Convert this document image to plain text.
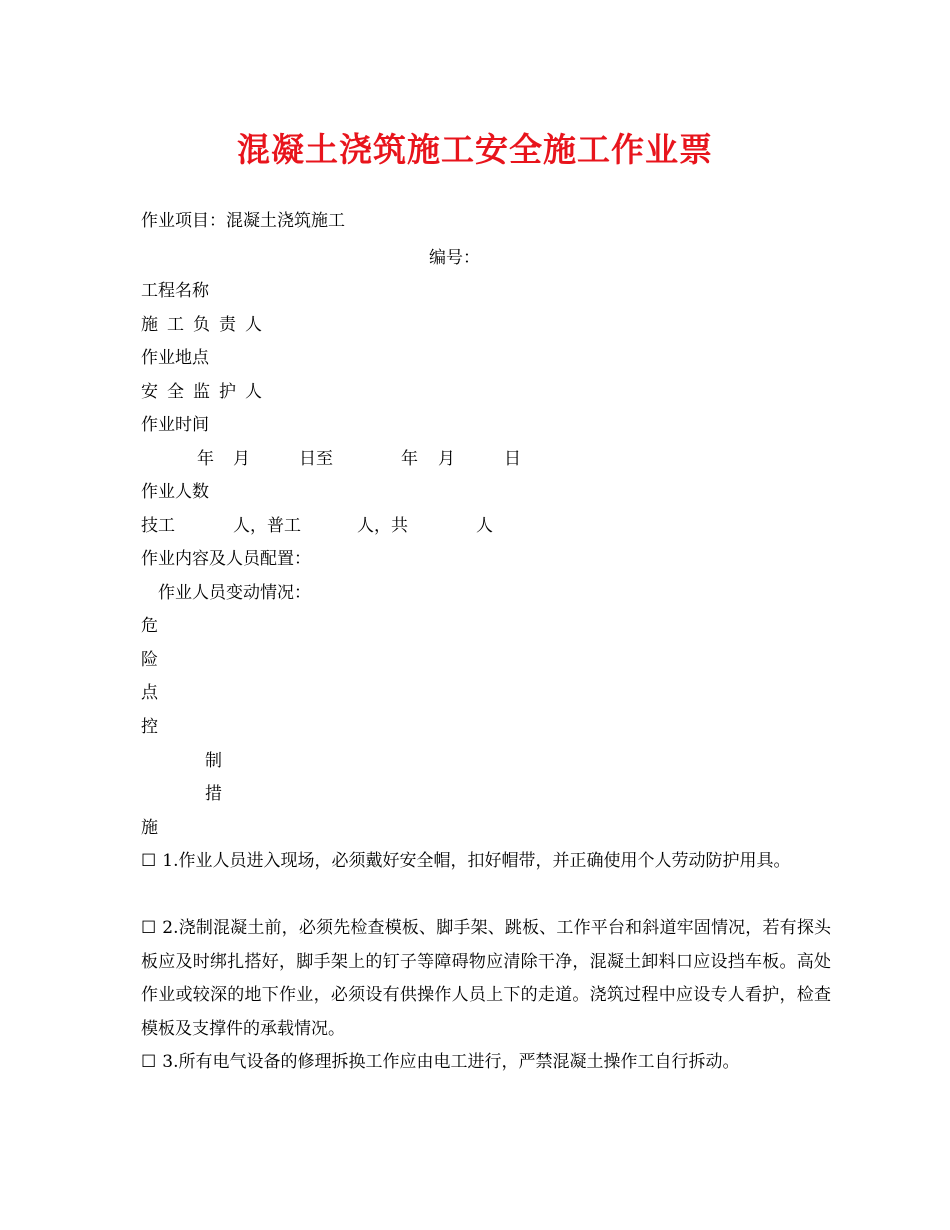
混凝土浇筑施工安全施工作业票
作业项目：混凝土浇筑施工
编号：
工程名称
施工负责人
作业地点
安全监护人
作业时间
年 月	日至	年 月	日
作业人数
技工	人，普工	人，共	人
作业内容及人员配置：
作业人员变动情况：
危
险
点
控
制
措
施
☐ 1.作业人员进入现场，必须戴好安全帽，扣好帽带，并正确使用个人劳动防护用具。
☐ 2.浇制混凝土前，必须先检查模板、脚手架、跳板、工作平台和斜道牢固情况，若有探头板应及时绑扎搭好，脚手架上的钉子等障碍物应清除干净，混凝土卸料口应设挡车板。高处作业或较深的地下作业，必须设有供操作人员上下的走道。浇筑过程中应设专人看护，检查模板及支撑件的承载情况。
☐ 3.所有电气设备的修理拆换工作应由电工进行，严禁混凝土操作工自行拆动。
